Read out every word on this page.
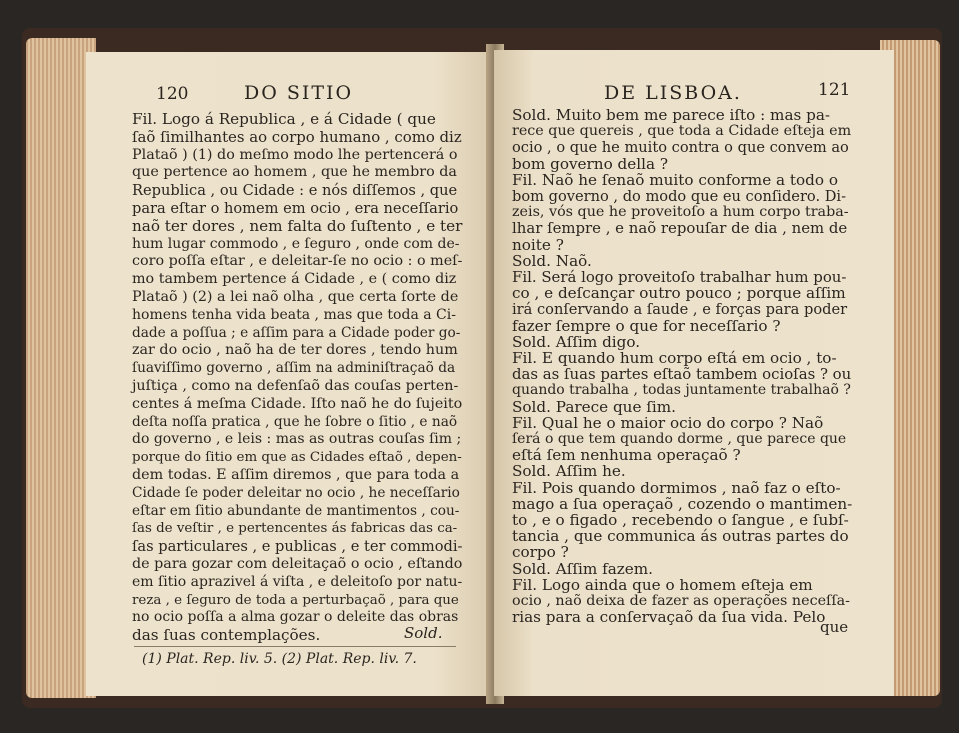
120	DO SITIO
Fil. Logo á Republica , e á Cidade ( que
ſaõ ſimilhantes ao corpo humano , como diz
Plataõ ) (1) do meſmo modo lhe pertencerá o
que pertence ao homem , que he membro da
Republica , ou Cidade : e nós diſſemos , que
para eſtar o homem em ocio , era neceſſario
naõ ter dores , nem falta do ſuſtento , e ter
hum lugar commodo , e ſeguro , onde com de-
coro poſſa eſtar , e deleitar-ſe no ocio : o meſ-
mo tambem pertence á Cidade , e ( como diz
Plataõ ) (2) a lei naõ olha , que certa ſorte de
homens tenha vida beata , mas que toda a Ci-
dade a poſſua ; e aſſim para a Cidade poder go-
zar do ocio , naõ ha de ter dores , tendo hum
ſuaviſſimo governo , aſſim na adminiſtraçaõ da
juſtiça , como na defenſaõ das couſas perten-
centes á meſma Cidade. Iſto naõ he do ſujeito
deſta noſſa pratica , que he ſobre o ſitio , e naõ
do governo , e leis : mas as outras couſas ſim ;
porque do ſitio em que as Cidades eſtaõ , depen-
dem todas. E aſſim diremos , que para toda a
Cidade ſe poder deleitar no ocio , he neceſſario
eſtar em ſitio abundante de mantimentos , cou-
ſas de veſtir , e pertencentes ás fabricas das ca-
ſas particulares , e publicas , e ter commodi-
de para gozar com deleitaçaõ o ocio , eſtando
em ſitio aprazivel á viſta , e deleitoſo por natu-
reza , e ſeguro de toda a perturbaçaõ , para que
no ocio poſſa a alma gozar o deleite das obras
das ſuas contemplações.	Sold.
(1) Plat. Rep. liv. 5. (2) Plat. Rep. liv. 7.
DE LISBOA.	121
Sold. Muito bem me parece iſto : mas pa-
rece que quereis , que toda a Cidade eſteja em
ocio , o que he muito contra o que convem ao
bom governo della ?
Fil. Naõ he ſenaõ muito conforme a todo o
bom governo , do modo que eu conſidero. Di-
zeis, vós que he proveitoſo a hum corpo traba-
lhar ſempre , e naõ repouſar de dia , nem de
noite ?
Sold. Naõ.
Fil. Será logo proveitoſo trabalhar hum pou-
co , e deſcançar outro pouco ; porque aſſim
irá conſervando a ſaude , e forças para poder
fazer ſempre o que for neceſſario ?
Sold. Aſſim digo.
Fil. E quando hum corpo eſtá em ocio , to-
das as ſuas partes eſtaõ tambem ocioſas ? ou
quando trabalha , todas juntamente trabalhaõ ?
Sold. Parece que ſim.
Fil. Qual he o maior ocio do corpo ? Naõ
ſerá o que tem quando dorme , que parece que
eſtá ſem nenhuma operaçaõ ?
Sold. Aſſim he.
Fil. Pois quando dormimos , naõ faz o eſto-
mago a ſua operaçaõ , cozendo o mantimen-
to , e o figado , recebendo o ſangue , e ſubſ-
tancia , que communica ás outras partes do
corpo ?
Sold. Aſſim fazem.
Fil. Logo ainda que o homem eſteja em
ocio , naõ deixa de fazer as operações neceſſa-
rias para a conſervaçaõ da ſua vida. Pelo
que
